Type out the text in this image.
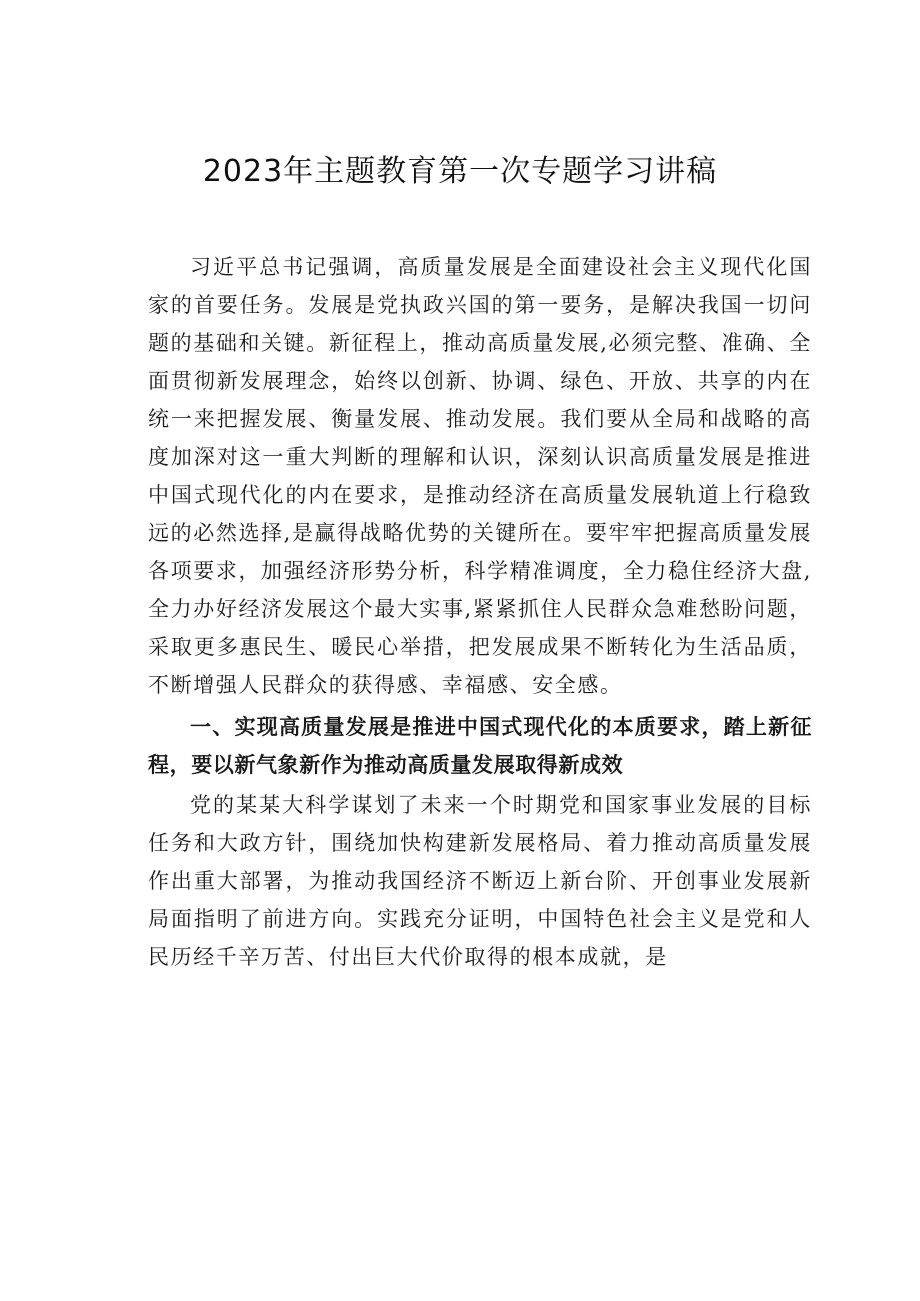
2023年主题教育第一次专题学习讲稿

习近平总书记强调，高质量发展是全面建设社会主义现代化国家的首要任务。发展是党执政兴国的第一要务，是解决我国一切问题的基础和关键。新征程上，推动高质量发展,必须完整、准确、全面贯彻新发展理念，始终以创新、协调、绿色、开放、共享的内在统一来把握发展、衡量发展、推动发展。我们要从全局和战略的高度加深对这一重大判断的理解和认识，深刻认识高质量发展是推进中国式现代化的内在要求，是推动经济在高质量发展轨道上行稳致远的必然选择,是赢得战略优势的关键所在。要牢牢把握高质量发展各项要求，加强经济形势分析，科学精准调度，全力稳住经济大盘,全力办好经济发展这个最大实事,紧紧抓住人民群众急难愁盼问题，采取更多惠民生、暖民心举措，把发展成果不断转化为生活品质，不断增强人民群众的获得感、幸福感、安全感。

一、实现高质量发展是推进中国式现代化的本质要求，踏上新征程，要以新气象新作为推动高质量发展取得新成效

党的某某大科学谋划了未来一个时期党和国家事业发展的目标任务和大政方针，围绕加快构建新发展格局、着力推动高质量发展作出重大部署，为推动我国经济不断迈上新台阶、开创事业发展新局面指明了前进方向。实践充分证明，中国特色社会主义是党和人民历经千辛万苦、付出巨大代价取得的根本成就，是
